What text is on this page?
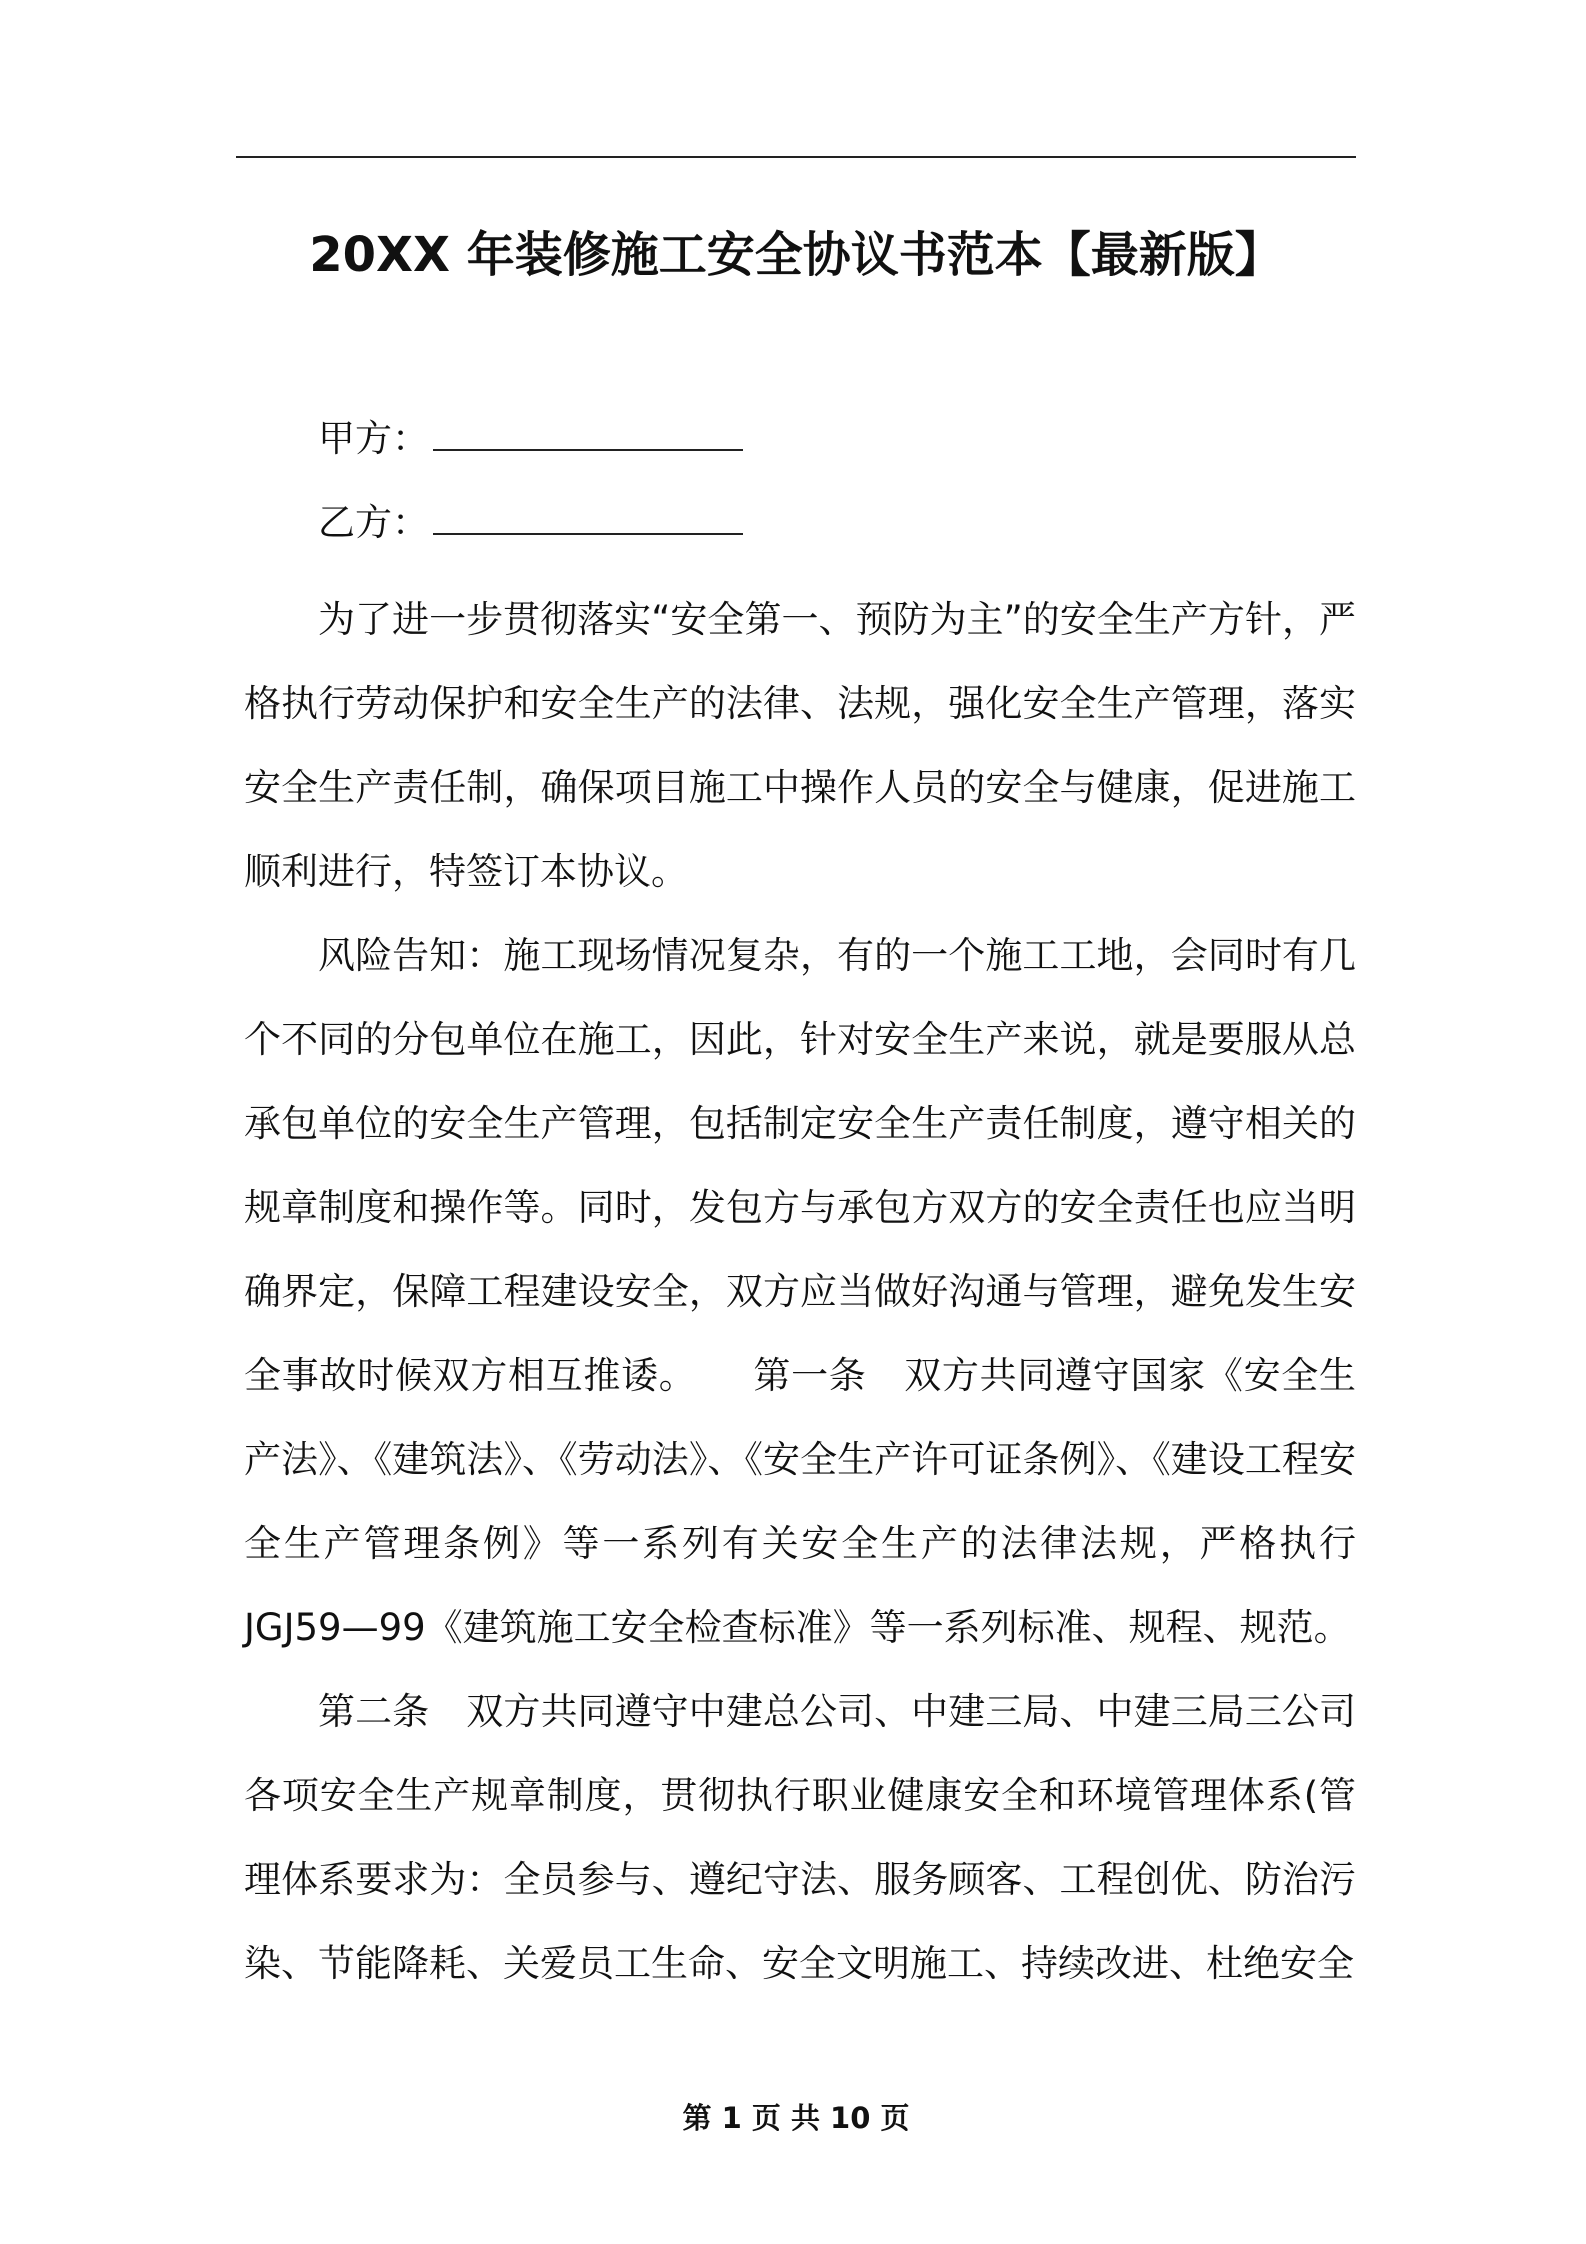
20XX 年装修施工安全协议书范本【最新版】
甲方：
乙方：

为了进一步贯彻落实“安全第一、预防为主”的安全生产方针，严格执行劳动保护和安全生产的法律、法规，强化安全生产管理，落实安全生产责任制，确保项目施工中操作人员的安全与健康，促进施工顺利进行，特签订本协议。

风险告知：施工现场情况复杂，有的一个施工工地，会同时有几个不同的分包单位在施工，因此，针对安全生产来说，就是要服从总承包单位的安全生产管理，包括制定安全生产责任制度，遵守相关的规章制度和操作等。同时，发包方与承包方双方的安全责任也应当明确界定，保障工程建设安全，双方应当做好沟通与管理，避免发生安全事故时候双方相互推诿。　　第一条　双方共同遵守国家《安全生产法》、《建筑法》、《劳动法》、《安全生产许可证条例》、《建设工程安全生产管理条例》等一系列有关安全生产的法律法规，严格执行JGJ59—99《建筑施工安全检查标准》等一系列标准、规程、规范。

第二条　双方共同遵守中建总公司、中建三局、中建三局三公司各项安全生产规章制度，贯彻执行职业健康安全和环境管理体系(管理体系要求为：全员参与、遵纪守法、服务顾客、工程创优、防治污染、节能降耗、关爱员工生命、安全文明施工、持续改进、杜绝安全

第 1 页 共 10 页
